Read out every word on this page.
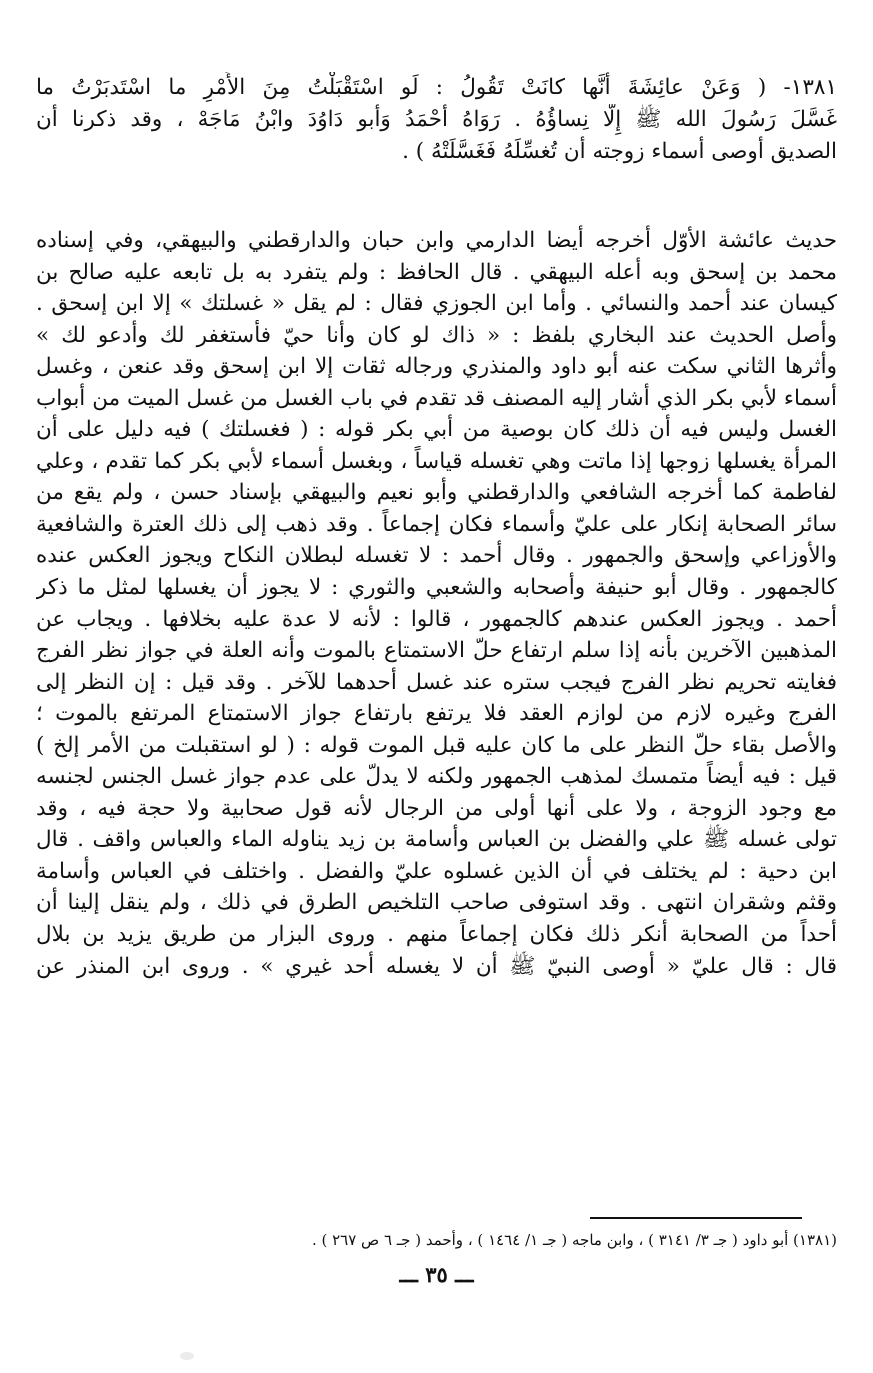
١٣٨١- ( وَعَنْ عائِشَةَ أَنَّها كانَتْ تَقُولُ : لَو اسْتَقْبَلْتُ مِنَ الأَمْرِ ما اسْتَدبَرْتُ ما
غَسَّلَ رَسُولَ الله ﷺ إِلَّا نِساؤُهُ . رَوَاهُ أَحْمَدُ وَأَبو دَاوُدَ وابْنُ مَاجَهْ ، وقد ذكرنا أن
الصديق أوصى أسماء زوجته أن تُغسِّلَهُ فَغَسَّلَتْهُ ) .
حديث عائشة الأوّل أخرجه أيضا الدارمي وابن حبان والدارقطني والبيهقي، وفي إسناده
محمد بن إسحق وبه أعله البيهقي . قال الحافظ : ولم يتفرد به بل تابعه عليه صالح بن
كيسان عند أحمد والنسائي . وأما ابن الجوزي فقال : لم يقل « غسلتك » إلا ابن إسحق .
وأصل الحديث عند البخاري بلفظ : « ذاك لو كان وأنا حيّ فأستغفر لك وأدعو لك »
وأثرها الثاني سكت عنه أبو داود والمنذري ورجاله ثقات إلا ابن إسحق وقد عنعن ، وغسل
أسماء لأبي بكر الذي أشار إليه المصنف قد تقدم في باب الغسل من غسل الميت من أبواب
الغسل وليس فيه أن ذلك كان بوصية من أبي بكر قوله : ( فغسلتك ) فيه دليل على أن
المرأة يغسلها زوجها إذا ماتت وهي تغسله قياساً ، وبغسل أسماء لأبي بكر كما تقدم ، وعلي
لفاطمة كما أخرجه الشافعي والدارقطني وأبو نعيم والبيهقي بإسناد حسن ، ولم يقع من
سائر الصحابة إنكار على عليّ وأسماء فكان إجماعاً . وقد ذهب إلى ذلك العترة والشافعية
والأوزاعي وإسحق والجمهور . وقال أحمد : لا تغسله لبطلان النكاح ويجوز العكس عنده
كالجمهور . وقال أبو حنيفة وأصحابه والشعبي والثوري : لا يجوز أن يغسلها لمثل ما ذكر
أحمد . ويجوز العكس عندهم كالجمهور ، قالوا : لأنه لا عدة عليه بخلافها . ويجاب عن
المذهبين الآخرين بأنه إذا سلم ارتفاع حلّ الاستمتاع بالموت وأنه العلة في جواز نظر الفرج
فغايته تحريم نظر الفرج فيجب ستره عند غسل أحدهما للآخر . وقد قيل : إن النظر إلى
الفرج وغيره لازم من لوازم العقد فلا يرتفع بارتفاع جواز الاستمتاع المرتفع بالموت ؛
والأصل بقاء حلّ النظر على ما كان عليه قبل الموت قوله : ( لو استقبلت من الأمر إلخ )
قيل : فيه أيضاً متمسك لمذهب الجمهور ولكنه لا يدلّ على عدم جواز غسل الجنس لجنسه
مع وجود الزوجة ، ولا على أنها أولى من الرجال لأنه قول صحابية ولا حجة فيه ، وقد
تولى غسله ﷺ علي والفضل بن العباس وأسامة بن زيد يناوله الماء والعباس واقف . قال
ابن دحية : لم يختلف في أن الذين غسلوه عليّ والفضل . واختلف في العباس وأسامة
وقثم وشقران انتهى . وقد استوفى صاحب التلخيص الطرق في ذلك ، ولم ينقل إلينا أن
أحداً من الصحابة أنكر ذلك فكان إجماعاً منهم . وروى البزار من طريق يزيد بن بلال
قال : قال عليّ « أوصى النبيّ ﷺ أن لا يغسله أحد غيري » . وروى ابن المنذر عن
(١٣٨١) أبو داود ( جـ ٣/ ٣١٤١ ) ، وابن ماجه ( جـ ١/ ١٤٦٤ ) ، وأحمد ( جـ ٦ ص ٢٦٧ ) .
ـــ ٣٥ ـــ
